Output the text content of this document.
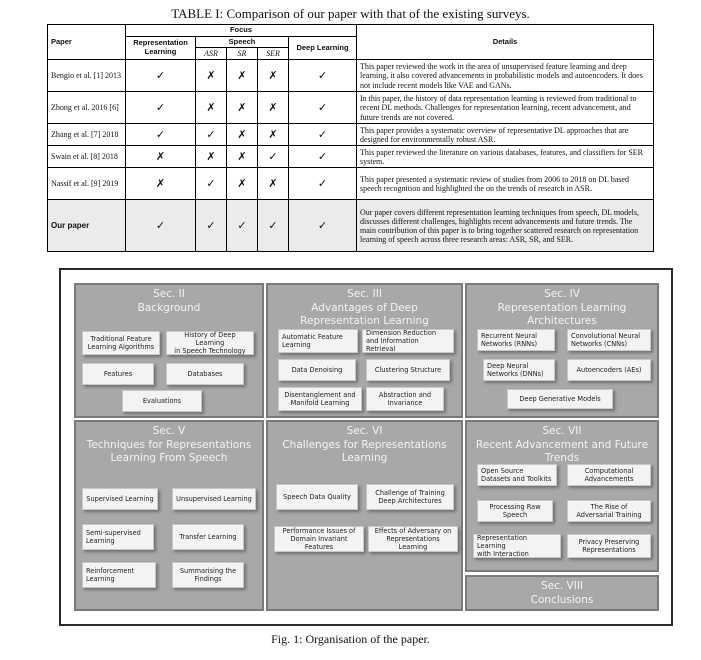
TABLE I: Comparison of our paper with that of the existing surveys.
Paper	Focus					Details
	Representation Learning	Speech			Deep Learning	
		ASR	SR	SER		
Bengio et al. [1] 2013	✓	✗	✗	✗	✓	This paper reviewed the work in the area of unsupervised feature learning and deep learning, it also covered advancements in probabilistic models and autoencoders. It does not include recent models like VAE and GANs.
Zhong et al. 2016 [6]	✓	✗	✗	✗	✓	In this paper, the history of data representation learning is reviewed from traditional to recent DL methods. Challenges for representation learning, recent advancement, and future trends are not covered.
Zhang et al. [7] 2018	✓	✓	✗	✗	✓	This paper provides a systematic overview of representative DL approaches that are designed for environmentally robust ASR.
Swain et al. [8] 2018	✗	✗	✗	✓	✓	This paper reviewed the literature on various databases, features, and classifiers for SER system.
Nassif et al. [9] 2019	✗	✓	✗	✗	✓	This paper presented a systematic review of studies from 2006 to 2018 on DL based speech recognition and highlighted the on the trends of research in ASR.
Our paper	✓	✓	✓	✓	✓	Our paper covers different representation learning techniques from speech, DL models, discusses different challenges, highlights recent advancements and future trends. The main contribution of this paper is to bring together scattered research on representation learning of speech across three research areas: ASR, SR, and SER.
Sec. II
Background
Traditional Feature
Learning Algorithms
History of Deep Learning
in Speech Technology
Features	Databases
Evaluations
Sec. III
Advantages of Deep
Representation Learning
Automatic Feature
Learning
Dimension Reduction
and Information Retrieval
Data Denoising	Clustering Structure
Disentanglement and
Manifold Learning
Abstraction and
Invariance
Sec. IV
Representation Learning
Architectures
Recurrent Neural
Networks (RNNs)
Convolutional Neural
Networks (CNNs)
Deep Neural
Networks (DNNs)
Autoencoders (AEs)
Deep Generative Models
Sec. V
Techniques for Representations
Learning From Speech
Supervised Learning	Unsupervised Learning
Semi-supervised
Learning
Transfer Learning
Reinforcement
Learning
Summarising the
Findings
Sec. VI
Challenges for Representations
Learning
Speech Data Quality
Challenge of Training
Deep Architectures
Performance Issues of
Domain Invariant Features
Effects of Adversary on
Representations Learning
Sec. VII
Recent Advancement and Future
Trends
Open Source
Datasets and Toolkits
Computational
Advancements
Processing Raw
Speech
The Rise of
Adversarial Training
Representation Learning
with Interaction
Privacy Preserving
Representations
Sec. VIII
Conclusions
Fig. 1: Organisation of the paper.
